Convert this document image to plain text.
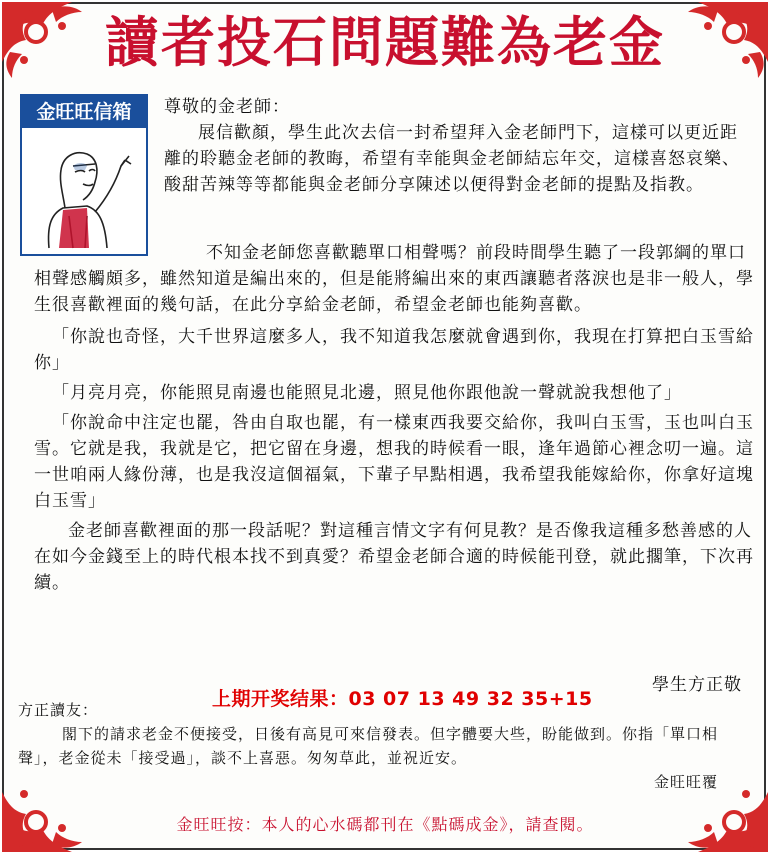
讀者投石問題難為老金
金旺旺信箱	尊敬的金老師：

展信歡顏，學生此次去信一封希望拜入金老師門下，這樣可以更近距離的聆聽金老師的教晦，希望有幸能與金老師結忘年交，這樣喜怒哀樂、酸甜苦辣等等都能與金老師分享陳述以便得對金老師的提點及指教。

不知金老師您喜歡聽單口相聲嗎？前段時間學生聽了一段郭綱的單口相聲感觸頗多，雖然知道是編出來的，但是能將編出來的東西讓聽者落淚也是非一般人，學生很喜歡裡面的幾句話，在此分享給金老師，希望金老師也能夠喜歡。

「你說也奇怪，大千世界這麼多人，我不知道我怎麼就會遇到你，我現在打算把白玉雪給你」

「月亮月亮，你能照見南邊也能照見北邊，照見他你跟他說一聲就說我想他了」

「你說命中注定也罷，咎由自取也罷，有一樣東西我要交給你，我叫白玉雪，玉也叫白玉雪。它就是我，我就是它，把它留在身邊，想我的時候看一眼，逢年過節心裡念叨一遍。這一世咱兩人緣份薄，也是我沒這個福氣，下輩子早點相遇，我希望我能嫁給你，你拿好這塊白玉雪」

金老師喜歡裡面的那一段話呢？對這種言情文字有何見教？是否像我這種多愁善感的人在如今金錢至上的時代根本找不到真愛？希望金老師合適的時候能刊登，就此擱筆，下次再續。

學生方正敬
上期开奖结果：03 07 13 49 32 35+15

方正讀友：

閣下的請求老金不便接受，日後有高見可來信發表。但字體要大些，盼能做到。你指「單口相聲」，老金從未「接受過」，談不上喜惡。匆匆草此，並祝近安。

金旺旺覆

金旺旺按：本人的心水碼都刊在《點碼成金》，請查閱。
